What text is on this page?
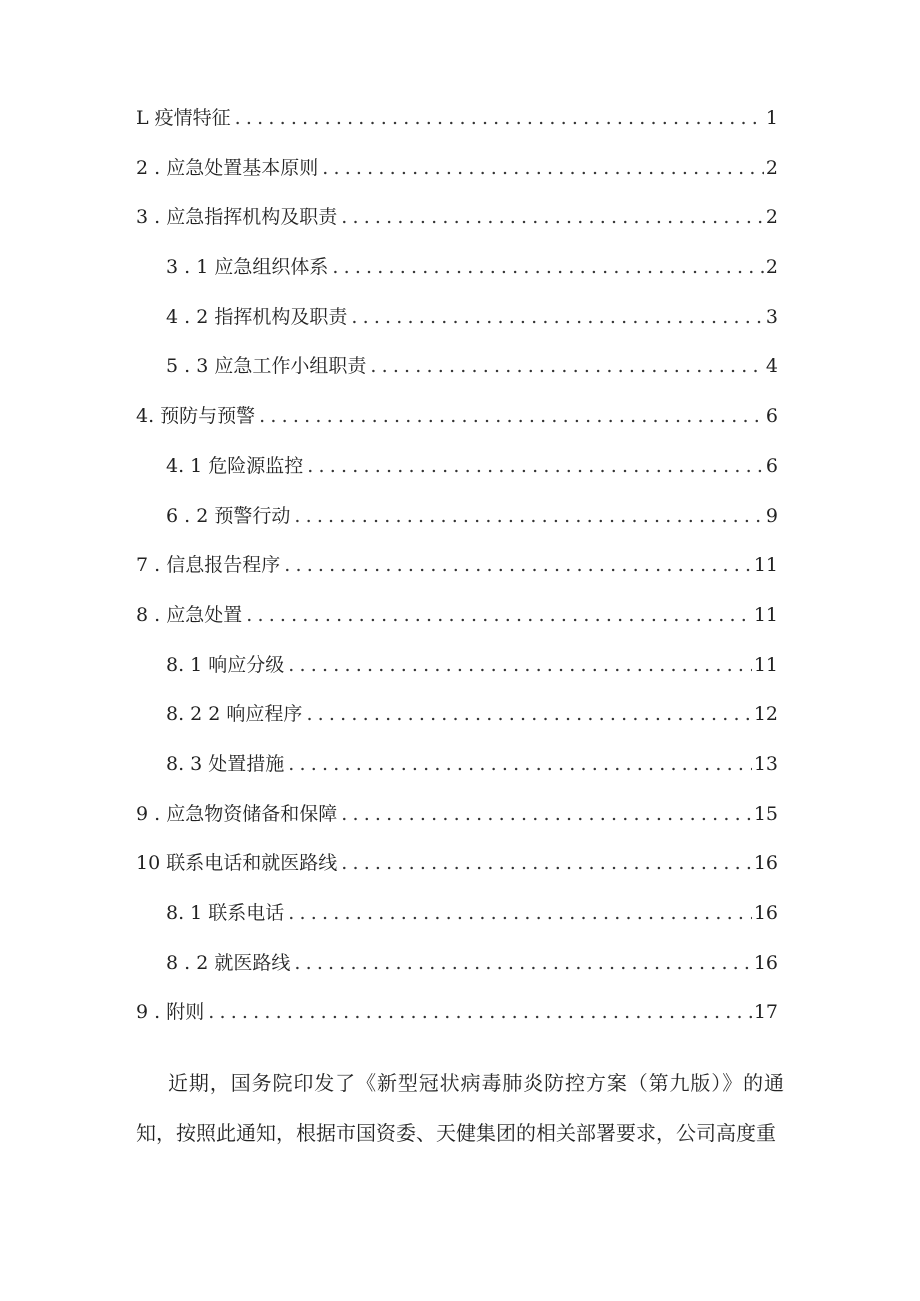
L 疫情特征 .....	1
2 . 应急处置基本原则 .....	2
3 . 应急指挥机构及职责 .....	2
3 . 1 应急组织体系 .....	2
4 . 2 指挥机构及职责 .....	3
5 . 3 应急工作小组职责 .....	4
4. 预防与预警 .....	6
4. 1 危险源监控 .....	6
6 . 2 预警行动 .....	9
7 . 信息报告程序 .....	11
8 . 应急处置 .....	11
8. 1 响应分级 .....	11
8. 2 2 响应程序 .....	12
8. 3 处置措施 .....	13
9 . 应急物资储备和保障 .....	15
10 联系电话和就医路线 .....	16
8. 1 联系电话 .....	16
8 . 2 就医路线 .....	16
9 . 附则 .....	17

近期，国务院印发了《新型冠状病毒肺炎防控方案（第九版）》的通知，按照此通知，根据市国资委、天健集团的相关部署要求，公司高度重
